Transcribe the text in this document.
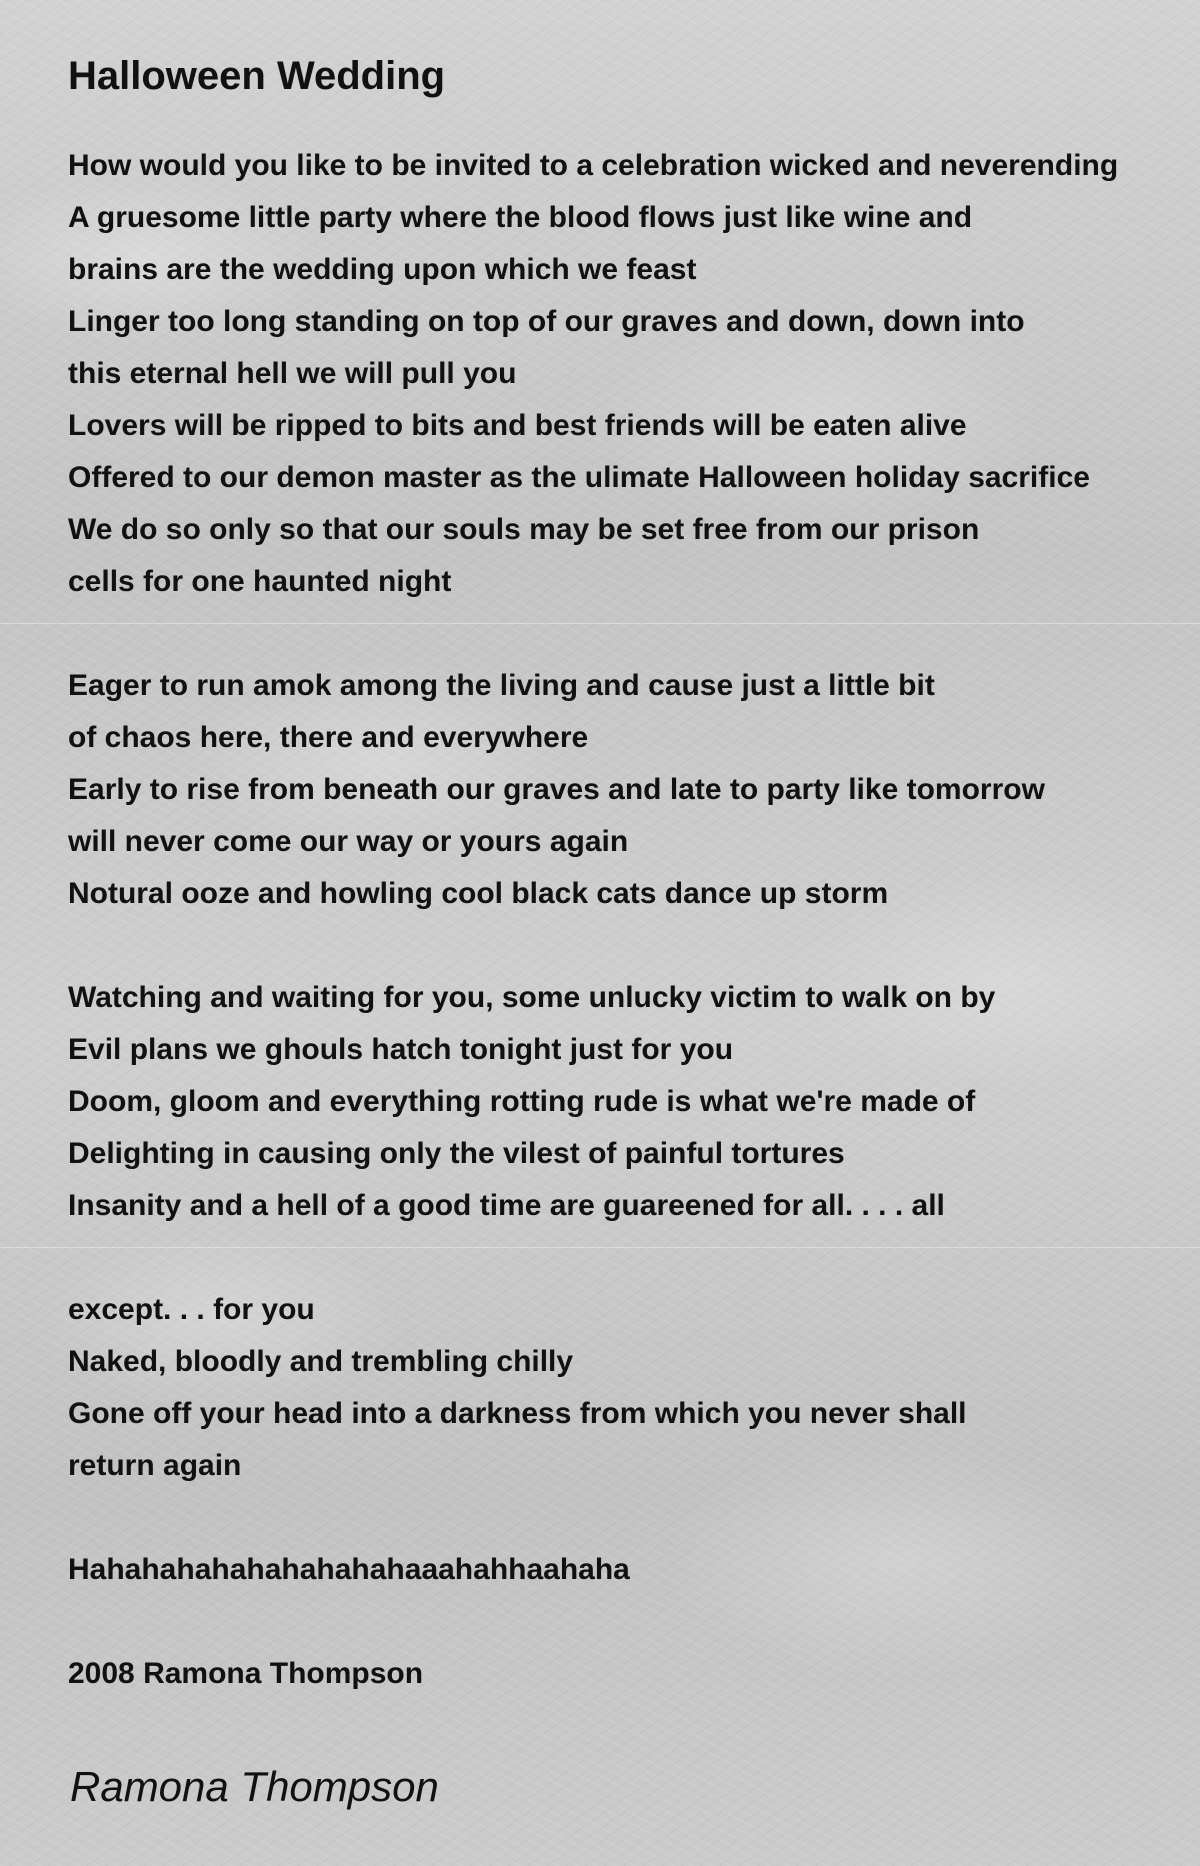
Halloween Wedding
How would you like to be invited to a celebration wicked and neverending
A gruesome little party where the blood flows just like wine and
brains are the wedding upon which we feast
Linger too long standing on top of our graves and down, down into
this eternal hell we will pull you
Lovers will be ripped to bits and best friends will be eaten alive
Offered to our demon master as the ulimate Halloween holiday sacrifice
We do so only so that our souls may be set free from our prison
cells for one haunted night
Eager to run amok among the living and cause just a little bit
of chaos here, there and everywhere
Early to rise from beneath our graves and late to party like tomorrow
will never come our way or yours again
Notural ooze and howling cool black cats dance up storm
Watching and waiting for you, some unlucky victim to walk on by
Evil plans we ghouls hatch tonight just for you
Doom, gloom and everything rotting rude is what we're made of
Delighting in causing only the vilest of painful tortures
Insanity and a hell of a good time are guareened for all. . . . all
except. . . for you
Naked, bloodly and trembling chilly
Gone off your head into a darkness from which you never shall
return again
Hahahahahahahahahahaaahahhaahaha
2008 Ramona Thompson
Ramona Thompson
